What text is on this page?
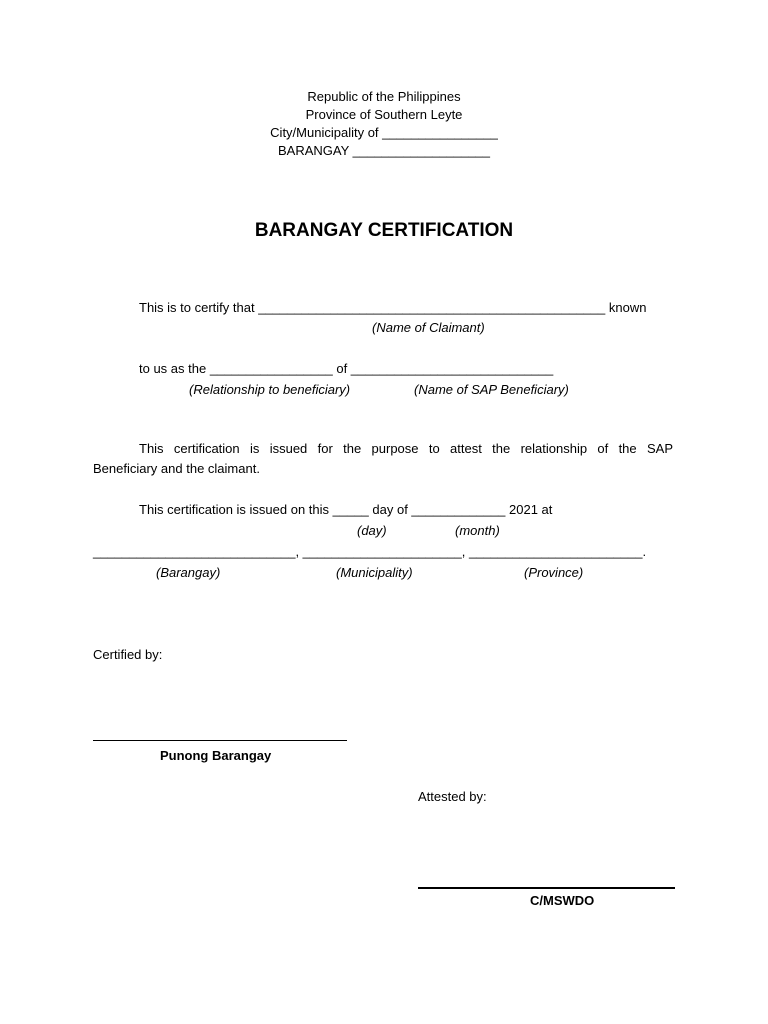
Republic of the Philippines
Province of Southern Leyte
City/Municipality of ________________
BARANGAY ___________________
BARANGAY CERTIFICATION
This is to certify that ________________________________________________ known
(Name of Claimant)
to us as the _________________ of ____________________________
(Relationship to beneficiary)	(Name of SAP Beneficiary)
This certification is issued for the purpose to attest the relationship of the SAP
Beneficiary and the claimant.
This certification is issued on this _____ day of _____________ 2021 at
(day)	(month)
____________________________, ______________________, ________________________.
(Barangay)	(Municipality)	(Province)
Certified by:
Punong Barangay
Attested by:
C/MSWDO
